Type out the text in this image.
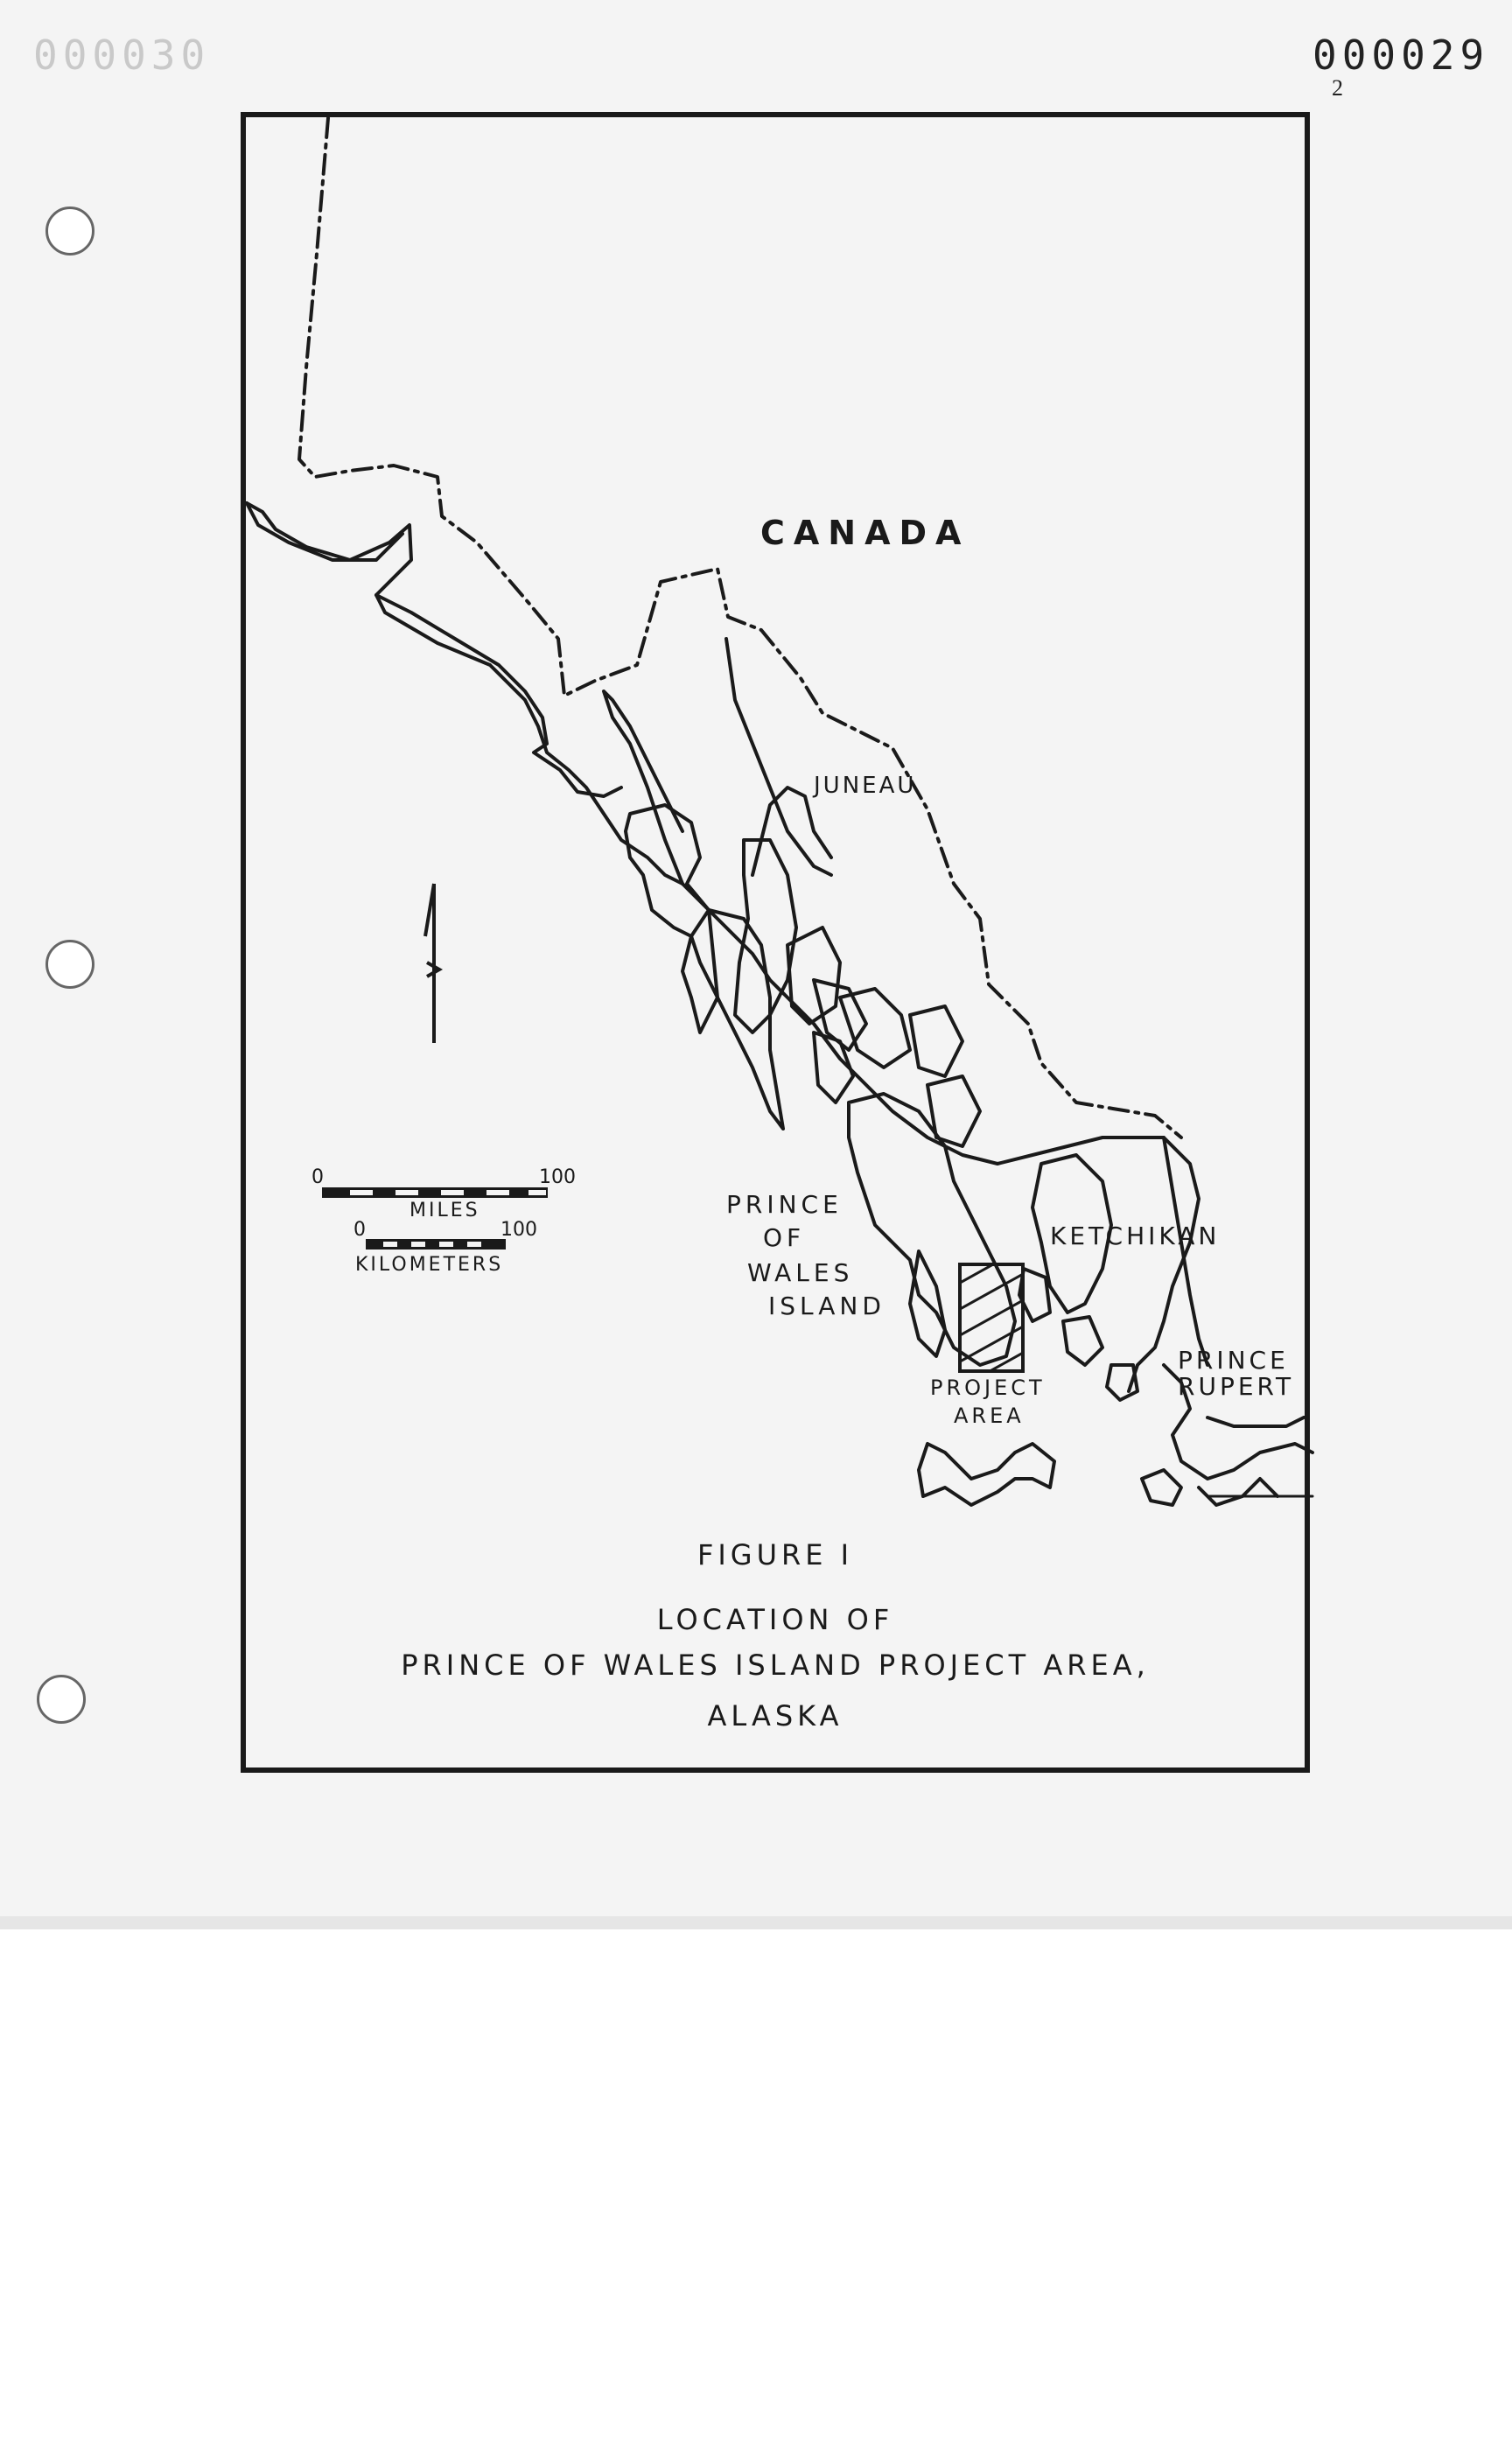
000030	000029
2
CANADA
JUNEAU
PRINCE
OF
WALES
ISLAND
KETCHIKAN
PRINCE
RUPERT
PROJECT
AREA
0	100
MILES
0	100
KILOMETERS
FIGURE I
LOCATION OF
PRINCE OF WALES ISLAND PROJECT AREA,
ALASKA
